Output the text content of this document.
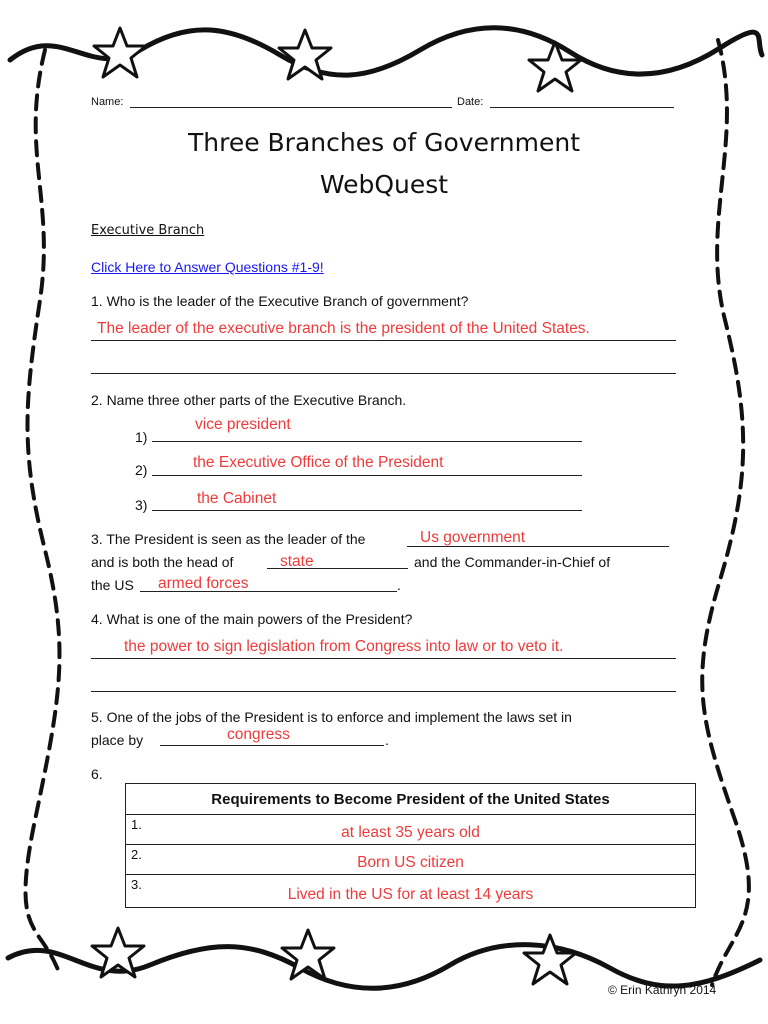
Name:	Date:
Three Branches of Government
WebQuest
Executive Branch
Click Here to Answer Questions #1-9!
1. Who is the leader of the Executive Branch of government?
The leader of the executive branch is the president of the United States.
2. Name three other parts of the Executive Branch.
1)
vice president
2)	the Executive Office of the President
3)	the Cabinet
3. The President is seen as the leader of the	Us government
and is both the head of	state	and the Commander-in-Chief of
the US armed forces	.
4. What is one of the main powers of the President?
the power to sign legislation from Congress into law or to veto it.
5. One of the jobs of the President is to enforce and implement the laws set in
place by	congress	.
6.
Requirements to Become President of the United States

1.	at least 35 years old

2.	Born US citizen

3.
Lived in the US for at least 14 years
© Erin Kathryn 2014
